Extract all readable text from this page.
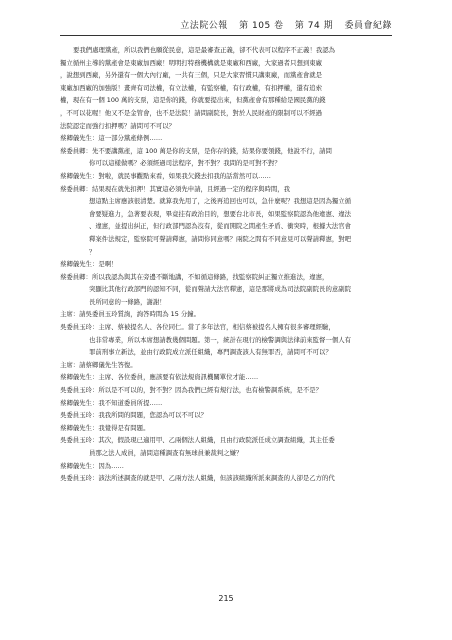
立法院公報 第 105 卷 第 74 期 委員會紀錄

要我們處理黨產，所以我們也願從民意，這是最審查正義，卻不代表可以程序不正義！我認為
獨立循州主導的黨產會是東廠加西廠！明明打特務機構就是東廠和西廠，大家過者只想到東廠
，說想到西廠，另外還有一個大內行廠，一共有三個，只是大家習慣只講東廠，而黨產會就是
東廠加西廠的加強版！畫齊有司法權，有立法權，有監察權，有行政權，有扣押權，還有追索
權，現在有一個 100 萬的支票，這是你的錢，你就要提出來，但黨產會有那種給是國民黨的錢
，不可以花喔！他又不是金管會，也不是法院！請問副院長，對於人民財產的限制可以不經過
法院認定而強行扣押嗎？請問可不可以？

蔡卿儀先生：這一部分黨產條例……

蔡委員卿：先不要講黨產，這 100 萬是你的支票，是你存的錢，結果你要領錢，他說不行，請問
你可以這樣做嗎？必須經過司法程序，對不對？我問的是可對不對？

蔡卿儀先生：對啦，就民事觀點來看，如果我欠錢去扣我的話當然可以……

蔡委員卿：結果現在就先扣押！其實這必須先申請，且經過一定的程序與時間，我
想這點主席應該很清楚。就算我先用了，之後再追回也可以，急什麼呢？我想這是因為獨立循
會要疑進力，急著要表現，畢竟挂有政治目的，想要台北市長，如果監察院認為他違憲、違法
、違憲，並提出糾正，但行政部門認為沒有，從而開院之間產生矛盾、衝突時，根據大法官會
釋案件法規定，監察院可聲請釋憲，請問你同意嗎？兩院之間有不同意見可以聲請釋憲，對吧
？

蔡卿儀先生：是啊！

蔡委員卿：所以我認為與其在旁邊不斷地講，不如循這條路，找監察院糾正獨立推進法，違憲，
突顯比其他行政部門的認知不同，從而聲請大法官釋憲，這是那將成為司法院副院長的意副院
長所同意的一條路，謝謝！

主席：請吳委員玉玲質詢，詢答時間為 15 分鐘。

吳委員玉玲：主席、蔡被提名人、各位同仁。當了多年法官，相信蔡被提名人擁有很多審理經驗，
也非常專業，所以本席想請教幾個問題。第一，統計在現行的檢警調與法律前來監督一個人有
罪前刑事立新法，並由行政院成立派任組織，專門調查該人有無罪否，請問可不可以？

主席：請蔡卿儀先生答復。

蔡卿儀先生：主席、各位委員，應該要有依法規資訊機關單位才能……

吳委員玉玲：所以是不可以的，對不對？因為我們已經有規行法，也有檢警調系統，是不是？

蔡卿儀先生：我不知道委員所提……

吳委員玉玲：我我所問的問題，您認為可以不可以？

蔡卿儀先生：我覺得是有問題。

吳委員玉玲：其次，假設現已適用甲、乙兩個法人組織，且由行政院派任成立調查組織，其主任委
員那之法人成員，請問這種調查有無球員兼裁判之嫌？

蔡卿儀先生：因為……

吳委員玉玲：該法所述調查的就是甲、乙兩方法人組織，但該該組織所派來調查的人卻是乙方的代

215
